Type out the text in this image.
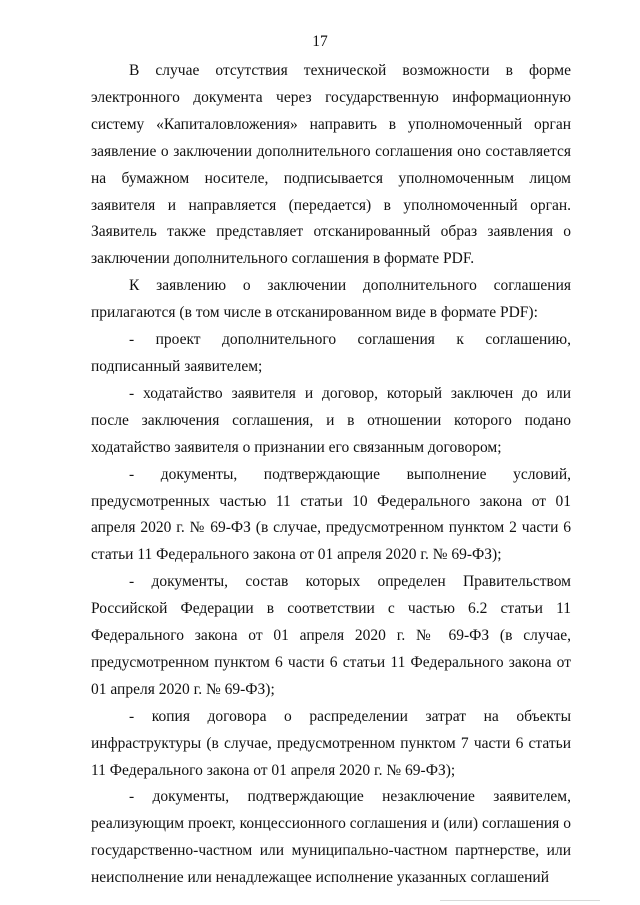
17

В случае отсутствия технической возможности в форме электронного документа через государственную информационную систему «Капиталовложения» направить в уполномоченный орган заявление о заключении дополнительного соглашения оно составляется на бумажном носителе, подписывается уполномоченным лицом заявителя и направляется (передается) в уполномоченный орган. Заявитель также представляет отсканированный образ заявления о заключении дополнительного соглашения в формате PDF.

К заявлению о заключении дополнительного соглашения прилагаются (в том числе в отсканированном виде в формате PDF):

- проект дополнительного соглашения к соглашению, подписанный заявителем;

- ходатайство заявителя и договор, который заключен до или после заключения соглашения, и в отношении которого подано ходатайство заявителя о признании его связанным договором;

- документы, подтверждающие выполнение условий, предусмотренных частью 11 статьи 10 Федерального закона от 01 апреля 2020 г. № 69-ФЗ (в случае, предусмотренном пунктом 2 части 6 статьи 11 Федерального закона от 01 апреля 2020 г. № 69-ФЗ);

- документы, состав которых определен Правительством Российской Федерации в соответствии с частью 6.2 статьи 11 Федерального закона от 01 апреля 2020 г. № 69-ФЗ (в случае, предусмотренном пунктом 6 части 6 статьи 11 Федерального закона от 01 апреля 2020 г. № 69-ФЗ);

- копия договора о распределении затрат на объекты инфраструктуры (в случае, предусмотренном пунктом 7 части 6 статьи 11 Федерального закона от 01 апреля 2020 г. № 69-ФЗ);

- документы, подтверждающие незаключение заявителем, реализующим проект, концессионного соглашения и (или) соглашения о государственно-частном или муниципально-частном партнерстве, или неисполнение или ненадлежащее исполнение указанных соглашений
